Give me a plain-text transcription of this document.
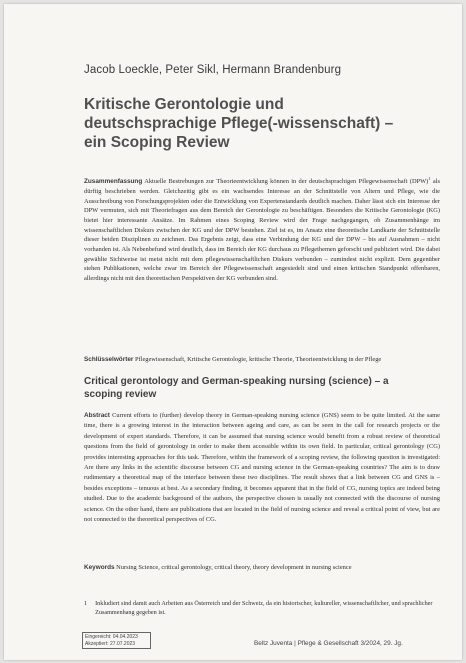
Jacob Loeckle, Peter Sikl, Hermann Brandenburg
Kritische Gerontologie und deutschsprachige Pflege(-wissenschaft) – ein Scoping Review
Zusammenfassung Aktuelle Bestrebungen zur Theorieentwicklung können in der deutschsprachigen Pflegewissenschaft (DPW)$^1$ als dürftig beschrieben werden. Gleichzeitig gibt es ein wachsendes Interesse an der Schnittstelle von Altern und Pflege, wie die Ausschreibung von Forschungsprojekten oder die Entwicklung von Expertenstandards deutlich machen. Daher lässt sich ein Interesse der DPW vermuten, sich mit Theoriefragen aus dem Bereich der Gerontologie zu beschäftigen. Besonders die Kritische Gerontologie (KG) bietet hier interessante Ansätze. Im Rahmen eines Scoping Review wird der Frage nachgegangen, ob Zusammenhänge im wissenschaftlichen Diskurs zwischen der KG und der DPW bestehen. Ziel ist es, im Ansatz eine theoretische Landkarte der Schnittstelle dieser beiden Disziplinen zu zeichnen. Das Ergebnis zeigt, dass eine Verbindung der KG und der DPW – bis auf Ausnahmen – nicht vorhanden ist. Als Nebenbefund wird deutlich, dass im Bereich der KG durchaus zu Pflegethemen geforscht und publiziert wird. Die dabei gewählte Sichtweise ist meist nicht mit dem pflegewissenschaftlichen Diskurs verbunden – zumindest nicht explizit. Dem gegenüber stehen Publikationen, welche zwar im Bereich der Pflegewissenschaft angesiedelt sind und einen kritischen Standpunkt offenbaren, allerdings nicht mit den theoretischen Perspektiven der KG verbunden sind.
Schlüsselwörter Pflegewissenschaft, Kritische Gerontologie, kritische Theorie, Theorieentwicklung in der Pflege
Critical gerontology and German-speaking nursing (science) – a scoping review
Abstract Current efforts to (further) develop theory in German-speaking nursing science (GNS) seem to be quite limited. At the same time, there is a growing interest in the interaction between ageing and care, as can be seen in the call for research projects or the development of expert standards. Therefore, it can be assumed that nursing science would benefit from a robust review of theoretical questions from the field of gerontology in order to make them accessible within its own field. In particular, critical gerontology (CG) provides interesting approaches for this task. Therefore, within the framework of a scoping review, the following question is investigated: Are there any links in the scientific discourse between CG and nursing science in the German-speaking countries? The aim is to draw rudimentary a theoretical map of the interface between these two disciplines. The result shows that a link between CG and GNS is – besides exceptions – tenuous at best. As a secondary finding, it becomes apparent that in the field of CG, nursing topics are indeed being studied. Due to the academic background of the authors, the perspective chosen is usually not connected with the discourse of nursing science. On the other hand, there are publications that are located in the field of nursing science and reveal a critical point of view, but are not connected to the theoretical perspectives of CG.
Keywords Nursing Science, critical gerontology, critical theory, theory development in nursing science
1 Inkludiert sind damit auch Arbeiten aus Österreich und der Schweiz, da ein historischer, kultureller, wissenschaftlicher, und sprachlicher Zusammenhang gegeben ist.
Eingereicht: 04.04.2023
Akzeptiert: 27.07.2023	Beltz Juventa | Pflege & Gesellschaft 3/2024, 29. Jg.
